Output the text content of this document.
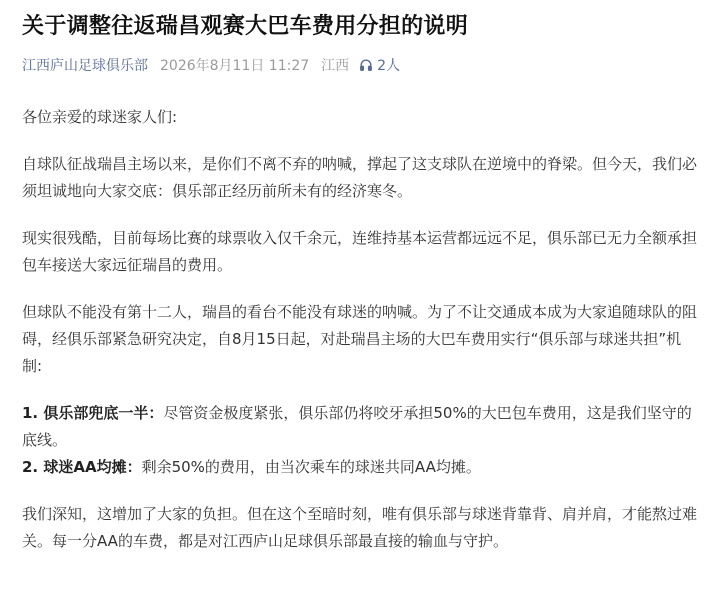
关于调整往返瑞昌观赛大巴车费用分担的说明
江西庐山足球俱乐部 2026年8月11日 11:27 江西 2人

各位亲爱的球迷家人们:

自球队征战瑞昌主场以来，是你们不离不弃的呐喊，撑起了这支球队在逆境中的脊梁。但今天，我们必须坦诚地向大家交底：俱乐部正经历前所未有的经济寒冬。

现实很残酷，目前每场比赛的球票收入仅千余元，连维持基本运营都远远不足，俱乐部已无力全额承担包车接送大家远征瑞昌的费用。

但球队不能没有第十二人，瑞昌的看台不能没有球迷的呐喊。为了不让交通成本成为大家追随球队的阻碍，经俱乐部紧急研究决定，自8月15日起，对赴瑞昌主场的大巴车费用实行“俱乐部与球迷共担”机制:

1. 俱乐部兜底一半：尽管资金极度紧张，俱乐部仍将咬牙承担50%的大巴包车费用，这是我们坚守的底线。

2. 球迷AA均摊：剩余50%的费用，由当次乘车的球迷共同AA均摊。

我们深知，这增加了大家的负担。但在这个至暗时刻，唯有俱乐部与球迷背靠背、肩并肩，才能熬过难关。每一分AA的车费，都是对江西庐山足球俱乐部最直接的输血与守护。
